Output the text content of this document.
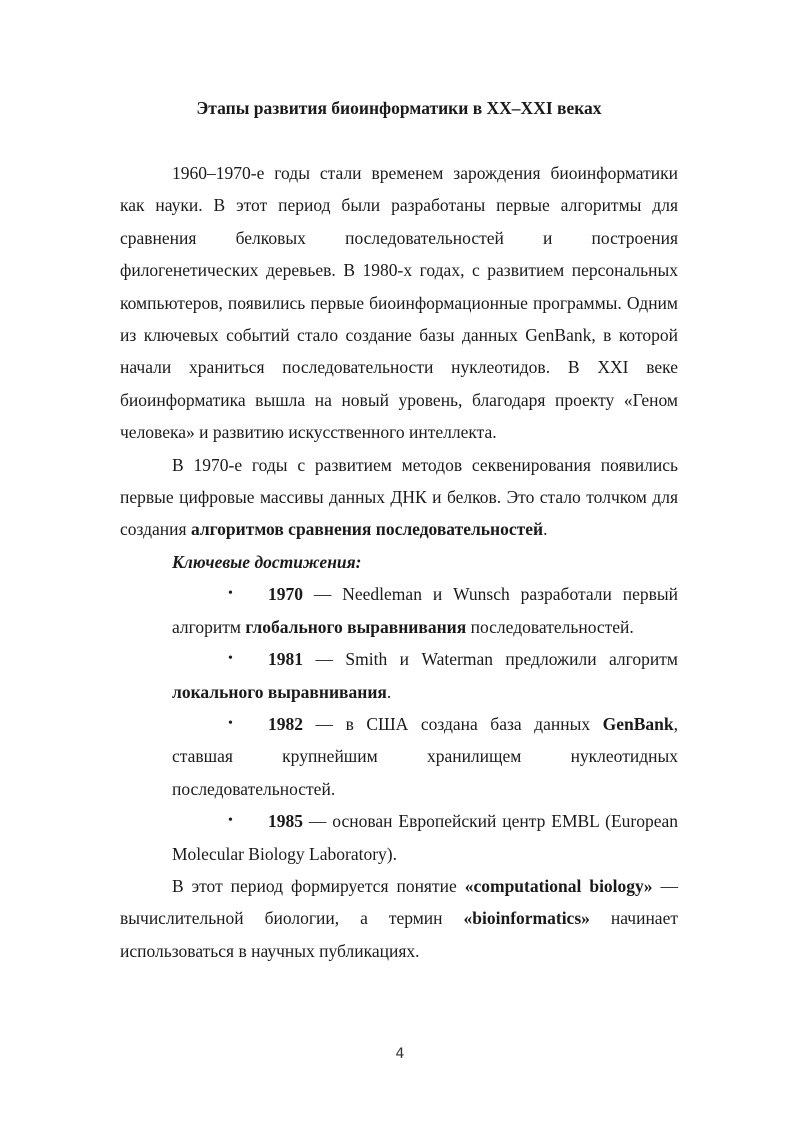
Этапы развития биоинформатики в XX–XXI веках

1960–1970-е годы стали временем зарождения биоинформатики как науки. В этот период были разработаны первые алгоритмы для сравнения белковых последовательностей и построения филогенетических деревьев. В 1980-х годах, с развитием персональных компьютеров, появились первые биоинформационные программы. Одним из ключевых событий стало создание базы данных GenBank, в которой начали храниться последовательности нуклеотидов. В XXI веке биоинформатика вышла на новый уровень, благодаря проекту «Геном человека» и развитию искусственного интеллекта.

В 1970-е годы с развитием методов секвенирования появились первые цифровые массивы данных ДНК и белков. Это стало толчком для создания алгоритмов сравнения последовательностей.

Ключевые достижения:

• 1970 — Needleman и Wunsch разработали первый алгоритм глобального выравнивания последовательностей.

• 1981 — Smith и Waterman предложили алгоритм локального выравнивания.

• 1982 — в США создана база данных GenBank, ставшая крупнейшим хранилищем нуклеотидных последовательностей.

• 1985 — основан Европейский центр EMBL (European Molecular Biology Laboratory).

В этот период формируется понятие «computational biology» — вычислительной биологии, а термин «bioinformatics» начинает использоваться в научных публикациях.

4
